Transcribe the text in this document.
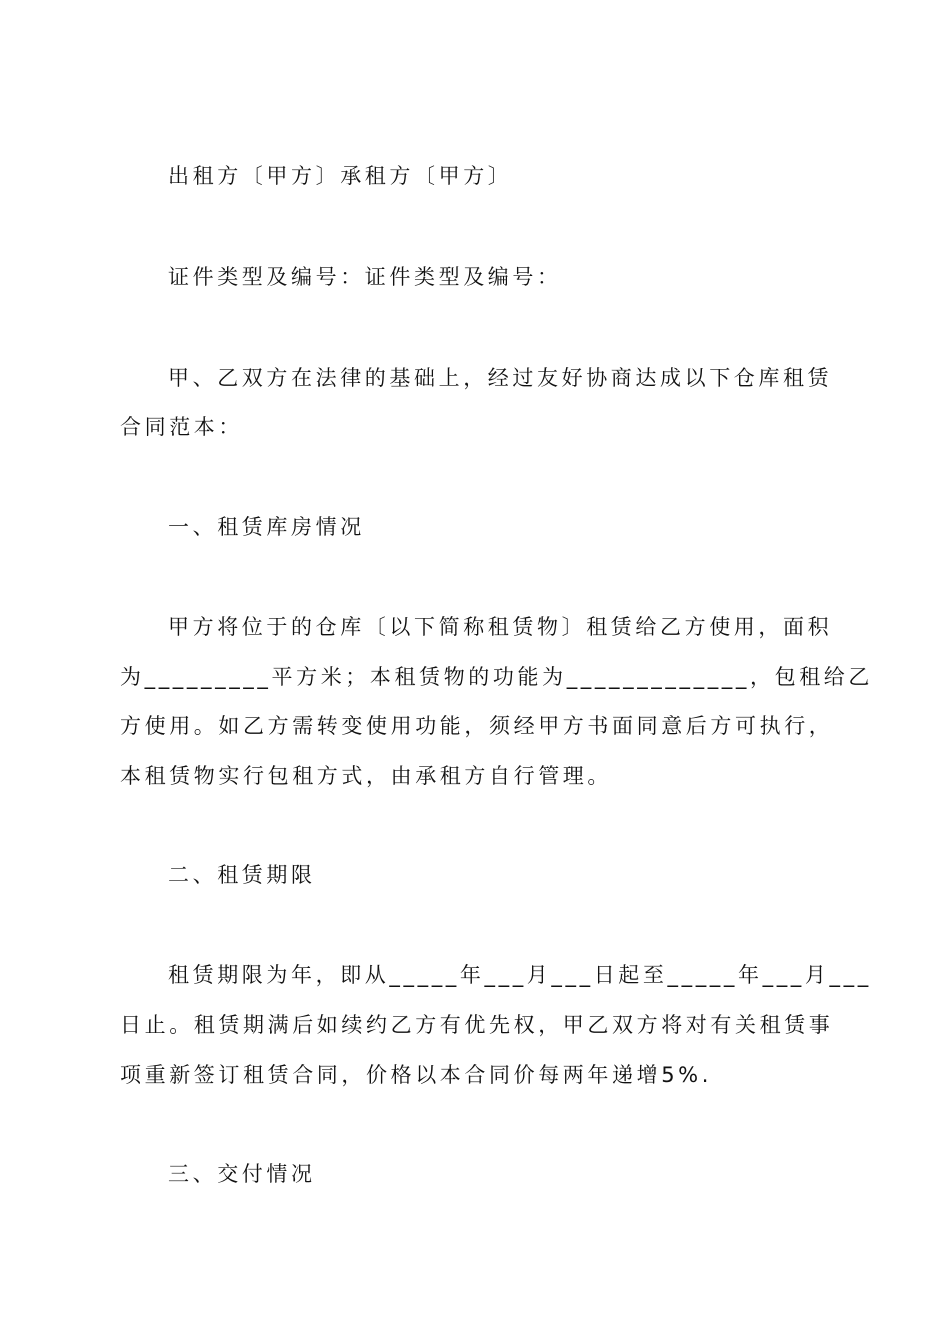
出租方〔甲方〕承租方〔甲方〕
证件类型及编号：证件类型及编号：
甲、乙双方在法律的基础上，经过友好协商达成以下仓库租赁
合同范本：
一、租赁库房情况
甲方将位于的仓库〔以下简称租赁物〕租赁给乙方使用，面积
为_________平方米；本租赁物的功能为_____________，包租给乙
方使用。如乙方需转变使用功能，须经甲方书面同意后方可执行，
本租赁物实行包租方式，由承租方自行管理。
二、租赁期限
租赁期限为年，即从_____年___月___日起至_____年___月___
日止。租赁期满后如续约乙方有优先权，甲乙双方将对有关租赁事
项重新签订租赁合同，价格以本合同价每两年递增5%.
三、交付情况
